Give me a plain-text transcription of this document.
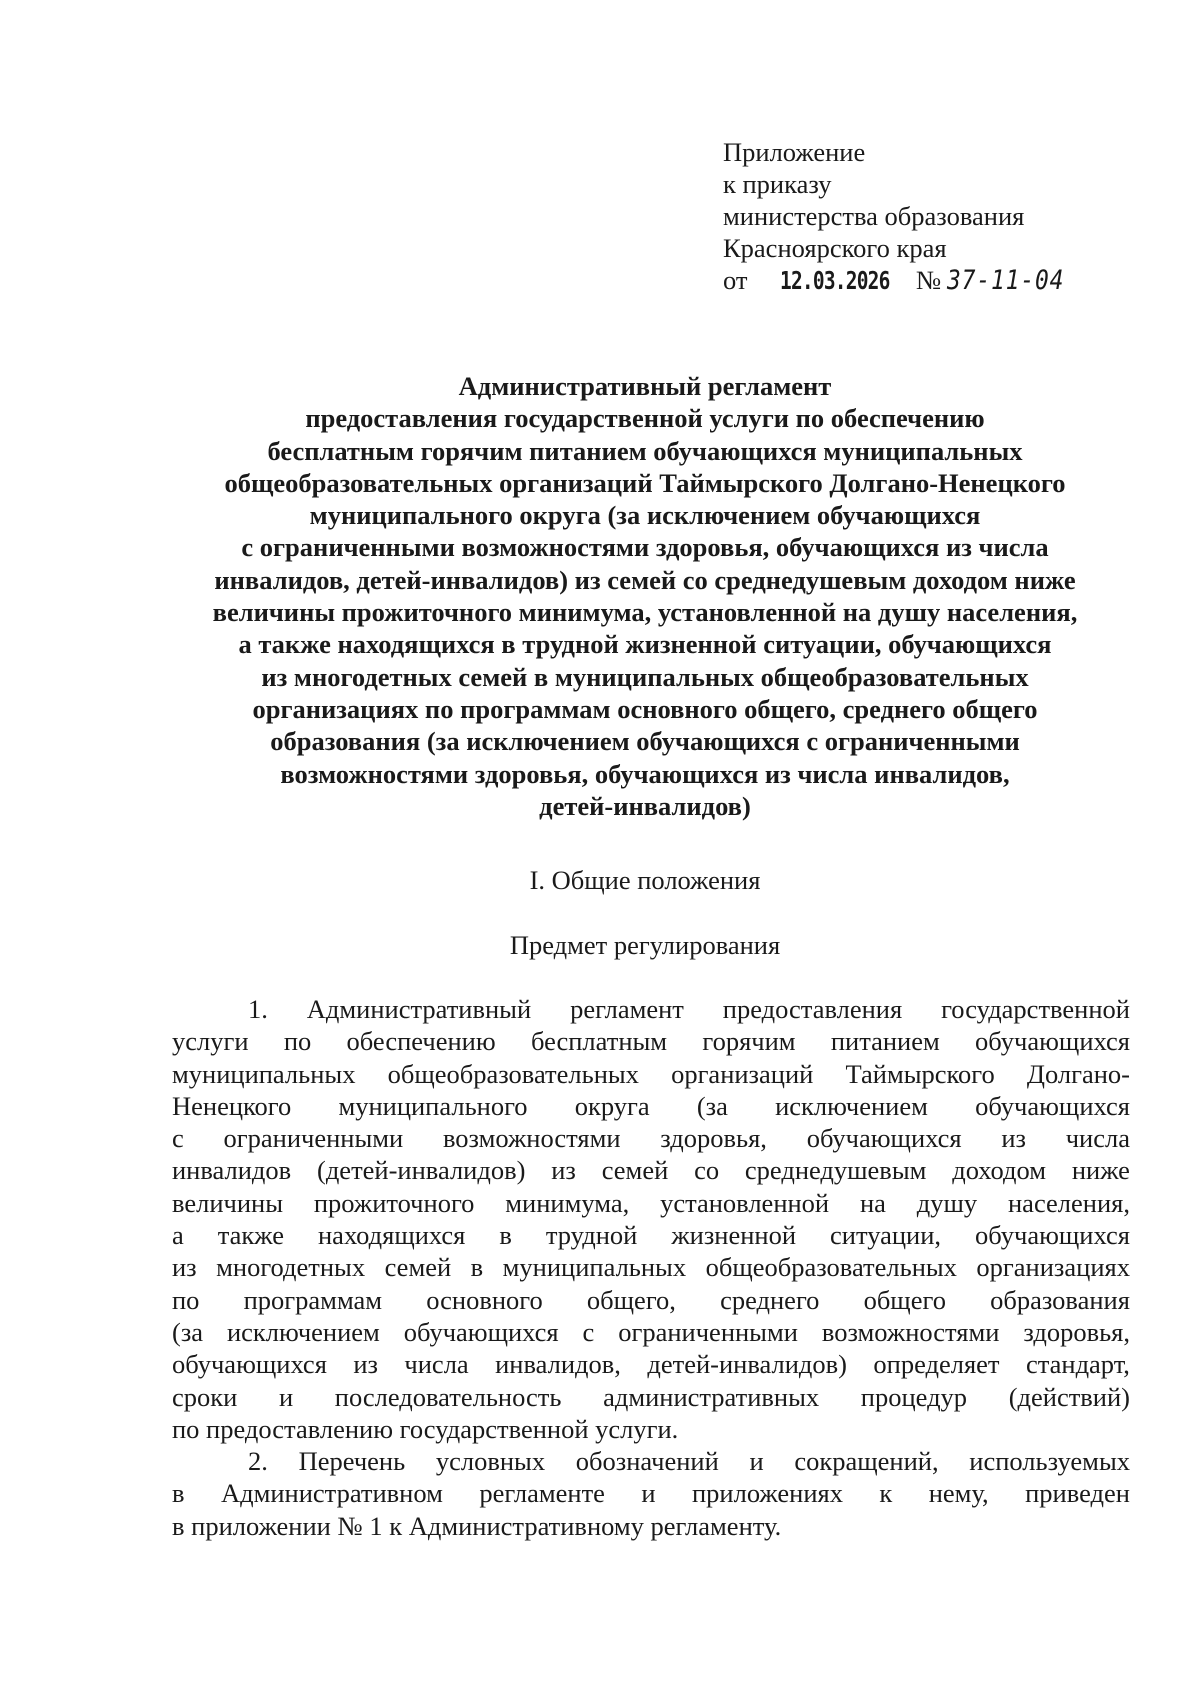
Приложение
к приказу
министерства образования
Красноярского края
от	12.03.2026 № 37-11-04
Административный регламент
предоставления государственной услуги по обеспечению
бесплатным горячим питанием обучающихся муниципальных
общеобразовательных организаций Таймырского Долгано-Ненецкого
муниципального округа (за исключением обучающихся
с ограниченными возможностями здоровья, обучающихся из числа
инвалидов, детей-инвалидов) из семей со среднедушевым доходом ниже
величины прожиточного минимума, установленной на душу населения,
а также находящихся в трудной жизненной ситуации, обучающихся
из многодетных семей в муниципальных общеобразовательных
организациях по программам основного общего, среднего общего
образования (за исключением обучающихся с ограниченными
возможностями здоровья, обучающихся из числа инвалидов,
детей-инвалидов)
I. Общие положения
Предмет регулирования
1. Административный регламент предоставления государственной
услуги по обеспечению бесплатным горячим питанием обучающихся
муниципальных общеобразовательных организаций Таймырского Долгано-
Ненецкого муниципального округа (за исключением обучающихся
с ограниченными возможностями здоровья, обучающихся из числа
инвалидов (детей-инвалидов) из семей со среднедушевым доходом ниже
величины прожиточного минимума, установленной на душу населения,
а также находящихся в трудной жизненной ситуации, обучающихся
из многодетных семей в муниципальных общеобразовательных организациях
по программам основного общего, среднего общего образования
(за исключением обучающихся с ограниченными возможностями здоровья,
обучающихся из числа инвалидов, детей-инвалидов) определяет стандарт,
сроки и последовательность административных процедур (действий)
по предоставлению государственной услуги.
2. Перечень условных обозначений и сокращений, используемых
в Административном регламенте и приложениях к нему, приведен
в приложении № 1 к Административному регламенту.
